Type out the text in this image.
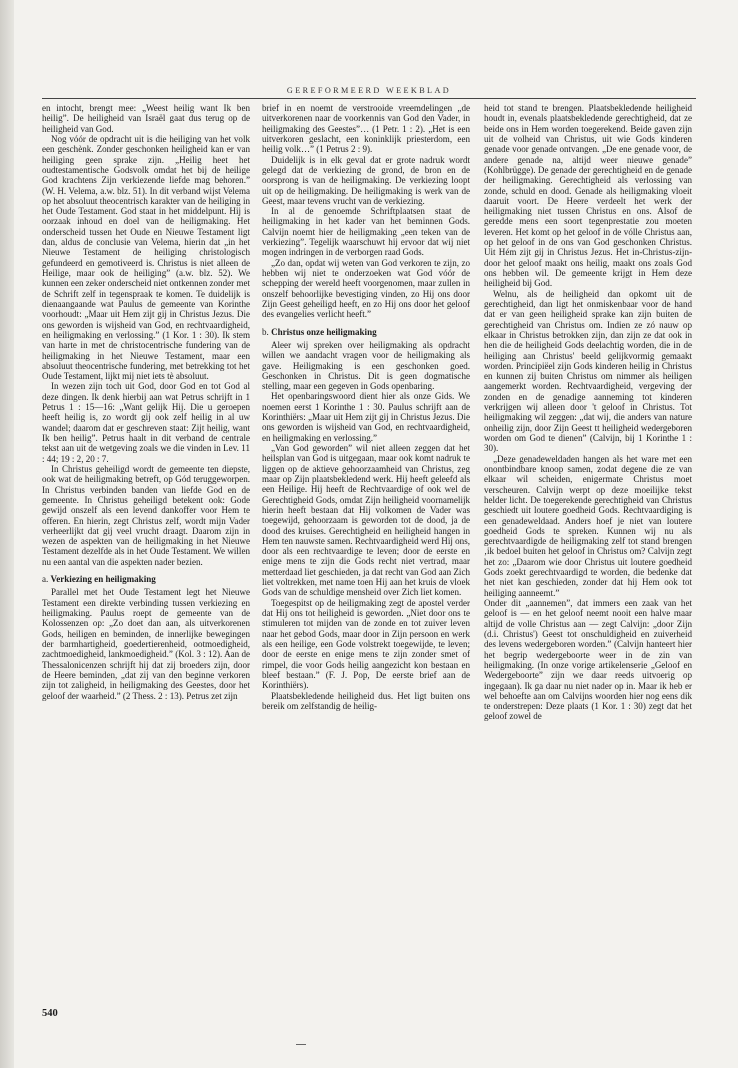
GEREFORMEERD WEEKBLAD

en intocht, brengt mee: „Weest heilig want Ik ben heilig”. De heiligheid van Israël gaat dus terug op de heiligheid van God.

Nog vóór de opdracht uit is die heiliging van het volk een geschènk. Zonder geschonken heiligheid kan er van heiliging geen sprake zijn. „Heilig heet het oudtestamentische Godsvolk omdat het bij de heilige God krachtens Zijn verkiezende liefde mag behoren.” (W. H. Velema, a.w. blz. 51). In dit verband wijst Velema op het absoluut theocentrisch karakter van de heiliging in het Oude Testament. God staat in het middelpunt. Hij is oorzaak inhoud en doel van de heiligmaking. Het onderscheid tussen het Oude en Nieuwe Testament ligt dan, aldus de conclusie van Velema, hierin dat „in het Nieuwe Testament de heiliging christologisch gefundeerd en gemotiveerd is. Christus is niet alleen de Heilige, maar ook de heiliging” (a.w. blz. 52). We kunnen een zeker onderscheid niet ontkennen zonder met de Schrift zelf in tegenspraak te komen. Te duidelijk is dienaangaande wat Paulus de gemeente van Korinthe voorhoudt: „Maar uit Hem zijt gij in Christus Jezus. Die ons geworden is wijsheid van God, en rechtvaardigheid, en heiligmaking en verlossing.” (1 Kor. 1 : 30). Ik stem van harte in met de christocentrische fundering van de heiligmaking in het Nieuwe Testament, maar een absoluut theocentrische fundering, met betrekking tot het Oude Testament, lijkt mij niet iets tè absoluut.

In wezen zijn toch uit God, door God en tot God al deze dingen. Ik denk hierbij aan wat Petrus schrijft in 1 Petrus 1 : 15—16: „Want gelijk Hij. Die u geroepen heeft heilig is, zo wordt gij ook zelf heilig in al uw wandel; daarom dat er geschreven staat: Zijt heilig, want Ik ben heilig”. Petrus haalt in dit verband de centrale tekst aan uit de wetgeving zoals we die vinden in Lev. 11 : 44; 19 : 2, 20 : 7.

In Christus geheiligd wordt de gemeente ten diepste, ook wat de heiligmaking betreft, op Gód teruggeworpen. In Christus verbinden banden van liefde God en de gemeente. In Christus geheiligd betekent ook: Gode gewijd onszelf als een levend dankoffer voor Hem te offeren. En hierin, zegt Christus zelf, wordt mijn Vader verheerlijkt dat gij veel vrucht draagt. Daarom zijn in wezen de aspekten van de heiligmaking in het Nieuwe Testament dezelfde als in het Oude Testament. We willen nu een aantal van die aspekten nader bezien.

a. Verkiezing en heiligmaking

Parallel met het Oude Testament legt het Nieuwe Testament een direkte verbinding tussen verkiezing en heiligmaking. Paulus roept de gemeente van de Kolossenzen op: „Zo doet dan aan, als uitverkorenen Gods, heiligen en beminden, de innerlijke bewegingen der barmhartigheid, goedertierenheid, ootmoedigheid, zachtmoedigheid, lankmoedigheid.” (Kol. 3 : 12). Aan de Thessalonicenzen schrijft hij dat zij broeders zijn, door de Heere beminden, „dat zij van den beginne verkoren zijn tot zaligheid, in heiligmaking des Geestes, door het geloof der waarheid.” (2 Thess. 2 : 13). Petrus zet zijn

brief in en noemt de verstrooide vreemdelingen „de uitverkorenen naar de voorkennis van God den Vader, in heiligmaking des Geestes”… (1 Petr. 1 : 2). „Het is een uitverkoren geslacht, een koninklijk priesterdom, een heilig volk…” (1 Petrus 2 : 9).

Duidelijk is in elk geval dat er grote nadruk wordt gelegd dat de verkiezing de grond, de bron en de oorsprong is van de heiligmaking. De verkiezing loopt uit op de heiligmaking. De heiligmaking is werk van de Geest, maar tevens vrucht van de verkiezing.

In al de genoemde Schriftplaatsen staat de heiligmaking in het kader van het beminnen Gods. Calvijn noemt hier de heiligmaking „een teken van de verkiezing”. Tegelijk waarschuwt hij ervoor dat wij niet mogen indringen in de verborgen raad Gods.

„Zo dan, opdat wij weten van God verkoren te zijn, zo hebben wij niet te onderzoeken wat God vóór de schepping der wereld heeft voorgenomen, maar zullen in onszelf behoorlijke bevestiging vinden, zo Hij ons door Zijn Geest geheiligd heeft, en zo Hij ons door het geloof des evangelies verlicht heeft.”

b. Christus onze heiligmaking

Aleer wij spreken over heiligmaking als opdracht willen we aandacht vragen voor de heiligmaking als gave. Heiligmaking is een geschonken goed. Geschonken in Christus. Dit is geen dogmatische stelling, maar een gegeven in Gods openbaring.

Het openbaringswoord dient hier als onze Gids. We noemen eerst 1 Korinthe 1 : 30. Paulus schrijft aan de Korinthiërs: „Maar uit Hem zijt gij in Christus Jezus. Die ons geworden is wijsheid van God, en rechtvaardigheid, en heiligmaking en verlossing.”

„Van God geworden” wil niet alleen zeggen dat het heilsplan van God is uitgegaan, maar ook komt nadruk te liggen op de aktieve gehoorzaamheid van Christus, zeg maar op Zijn plaatsbekledend werk. Hij heeft geleefd als een Heilige. Hij heeft de Rechtvaardige of ook wel de Gerechtigheid Gods, omdat Zijn heiligheid voornamelijk hierin heeft bestaan dat Hij volkomen de Vader was toegewijd, gehoorzaam is geworden tot de dood, ja de dood des kruises. Gerechtigheid en heiligheid hangen in Hem ten nauwste samen. Rechtvaardigheid werd Hij ons, door als een rechtvaardige te leven; door de eerste en enige mens te zijn die Gods recht niet vertrad, maar metterdaad liet geschieden, ja dat recht van God aan Zich liet voltrekken, met name toen Hij aan het kruis de vloek Gods van de schuldige mensheid over Zich liet komen.

Toegespitst op de heiligmaking zegt de apostel verder dat Hij ons tot heiligheid is geworden. „Niet door ons te stimuleren tot mijden van de zonde en tot zuiver leven naar het gebod Gods, maar door in Zijn persoon en werk als een heilige, een Gode volstrekt toegewijde, te leven; door de eerste en enige mens te zijn zonder smet of rimpel, die voor Gods heilig aangezicht kon bestaan en bleef bestaan.” (F. J. Pop, De eerste brief aan de Korinthiërs).

Plaatsbekledende heiligheid dus. Het ligt buiten ons bereik om zelfstandig de heilig-

heid tot stand te brengen. Plaatsbekledende heiligheid houdt in, evenals plaatsbekledende gerechtigheid, dat ze beide ons in Hem worden toegerekend. Beide gaven zijn uit de volheid van Christus, uit wie Gods kinderen genade voor genade ontvangen. „De ene genade voor, de andere genade na, altijd weer nieuwe genade” (Kohlbrügge). De genade der gerechtigheid en de genade der heiligmaking. Gerechtigheid als verlossing van zonde, schuld en dood. Genade als heiligmaking vloeit daaruit voort. De Heere verdeelt het werk der heiligmaking niet tussen Christus en ons. Alsof de geredde mens een soort tegenprestatie zou moeten leveren. Het komt op het geloof in de vólle Christus aan, op het geloof in de ons van God geschonken Christus. Uit Hém zijt gij in Christus Jezus. Het in-Christus-zijn-door het geloof maakt ons heilig, maakt ons zoals God ons hebben wil. De gemeente krijgt in Hem deze heiligheid bij God.

Welnu, als de heiligheid dan opkomt uit de gerechtigheid, dan ligt het onmiskenbaar voor de hand dat er van geen heiligheid sprake kan zijn buiten de gerechtigheid van Christus om. Indien ze zó nauw op elkaar in Christus betrokken zijn, dan zijn ze dat ook in hen die de heiligheid Gods deelachtig worden, die in de heiliging aan Christus' beeld gelijkvormig gemaakt worden. Principiëel zijn Gods kinderen heilig in Christus en kunnen zij buiten Christus om nimmer als heiligen aangemerkt worden. Rechtvaardigheid, vergeving der zonden en de genadige aanneming tot kinderen verkrijgen wij alleen door 't geloof in Christus. Tot heiligmaking wil zeggen: „dat wij, die anders van nature onheilig zijn, door Zijn Geest tt heiligheid wedergeboren worden om God te dienen” (Calvijn, bij 1 Korinthe 1 : 30).

„Deze genadeweldaden hangen als het ware met een onontbindbare knoop samen, zodat degene die ze van elkaar wil scheiden, enigermate Christus moet verscheuren. Calvijn werpt op deze moeilijke tekst helder licht. De toegerekende gerechtigheid van Christus geschiedt uit loutere goedheid Gods. Rechtvaardiging is een genadeweldaad. Anders hoef je niet van loutere goedheid Gods te spreken. Kunnen wij nu als gerechtvaardigde de heiligmaking zelf tot stand brengen ‚ik bedoel buiten het geloof in Christus om? Calvijn zegt het zo: „Daarom wie door Christus uit loutere goedheid Gods zoekt gerechtvaardigd te worden, die bedenke dat het niet kan geschieden, zonder dat hij Hem ook tot heiliging aanneemt.”

Onder dit „aannemen”, dat immers een zaak van het geloof is — en het geloof neemt nooit een halve maar altijd de volle Christus aan — zegt Calvijn: „door Zijn (d.i. Christus') Geest tot onschuldigheid en zuiverheid des levens wedergeboren worden.” (Calvijn hanteert hier het begrip wedergeboorte weer in de zin van heiligmaking. (In onze vorige artikelenserie „Geloof en Wedergeboorte” zijn we daar reeds uitvoerig op ingegaan). Ik ga daar nu niet nader op in. Maar ik heb er wel behoefte aan om Calvijns woorden hier nog eens dik te onderstrepen: Deze plaats (1 Kor. 1 : 30) zegt dat het geloof zowel de

540
